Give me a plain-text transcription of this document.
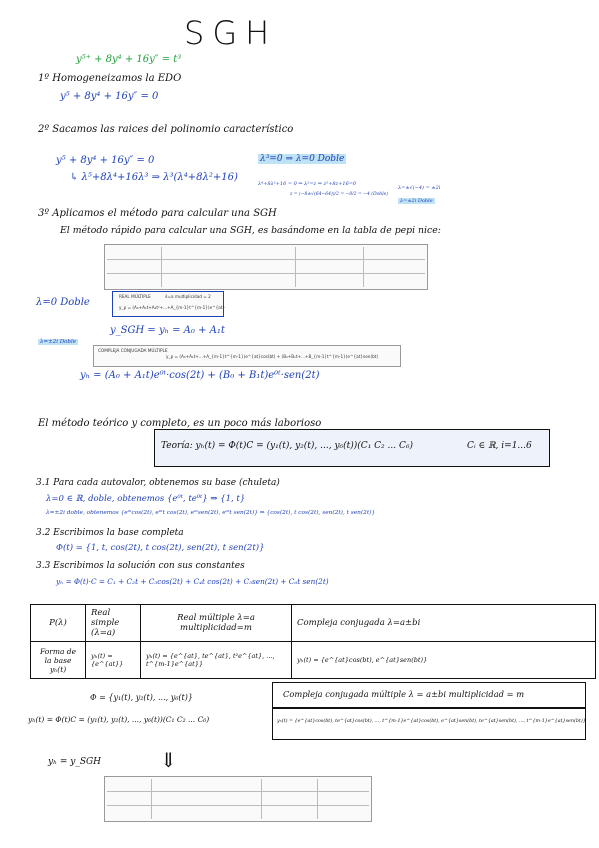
SGH
y⁵⁺ + 8y⁴ + 16y″ = t³
1º Homogeneizamos la EDO
y⁵ + 8y⁴ + 16y″ = 0
2º Sacamos las raices del polinomio característico
y⁵ + 8y⁴ + 16y″ = 0
↳ λ⁵+8λ⁴+16λ³ ⇒ λ³(λ⁴+8λ²+16)
λ³=0 ⇒ λ=0 Doble
λ⁴+8λ²+16 = 0 ⇒ λ²=z ⇒ z²+8z+16=0
z = (−8±√(64−64))/2 = −8/2 = −4 (Doble)
λ=±√(−4) = ±2i
λ=±2i Doble
3º Aplicamos el método para calcular una SGH
El método rápido para calcular una SGH, es basándome en la tabla de pepi nice:
λ=0 Doble
REAL MÚLTIPLE	λ=a multiplicidad = 2
y_p = (A₀+A₁t+A₂t²+...+A_{m-1}t^{m-1})e^{at}
y_SGH = yₕ = A₀ + A₁t
λ=±2i Doble
COMPLEJA CONJUGADA MÚLTIPLE
y_p = (A₀+A₁t+...+A_{m-1}t^{m-1})e^{at}cos(bt) + (B₀+B₁t+...+B_{m-1}t^{m-1})e^{at}sen(bt)
yₕ = (A₀ + A₁t)e⁰ᵗ·cos(2t) + (B₀ + B₁t)e⁰ᵗ·sen(2t)
El método teórico y completo, es un poco más laborioso
Teoría: yₕ(t) = Φ(t)C = (y₁(t), y₂(t), ..., y₆(t))(C₁ C₂ ... C₆)	Cᵢ ∈ ℝ, i=1...6
3.1 Para cada autovalor, obtenemos su base (chuleta)
λ=0 ∈ ℝ, doble, obtenemos {e⁰ᵗ, te⁰ᵗ} ⇒ {1, t}
λ=±2i doble, obtenemos {e⁰ᵗcos(2t), e⁰ᵗt cos(2t), e⁰ᵗsen(2t), e⁰ᵗt sen(2t)} ⇒ {cos(2t), t cos(2t), sen(2t), t sen(2t)}
3.2 Escribimos la base completa
Φ(t) = {1, t, cos(2t), t cos(2t), sen(2t), t sen(2t)}
3.3 Escribimos la solución con sus constantes
yₕ = Φ(t)·C = C₁ + C₂t + C₃cos(2t) + C₄t cos(2t) + C₅sen(2t) + C₆t sen(2t)
P(λ)	Real simple (λ=a)	Real múltiple λ=a multiplicidad=m	Compleja conjugada λ=a±bi
Forma de la base yₕ(t)	yₕ(t) = {e^{at}}	yₕ(t) = {e^{at}, te^{at}, t²e^{at}, ..., t^{m-1}e^{at}}	yₕ(t) = {e^{at}cos(bt), e^{at}sen(bt)}
Φ = {y₁(t), y₂(t), ..., y₆(t)}
yₕ(t) = Φ(t)C = (y₁(t), y₂(t), ..., y₆(t))(C₁ C₂ ... C₆)
yₕ = y_SGH	⇓
Compleja conjugada múltiple λ = a±bi multiplicidad = m
yₕ(t) = {e^{at}cos(bt), te^{at}cos(bt), ..., t^{m-1}e^{at}cos(bt), e^{at}sen(bt), te^{at}sen(bt), ..., t^{m-1}e^{at}sen(bt)}
